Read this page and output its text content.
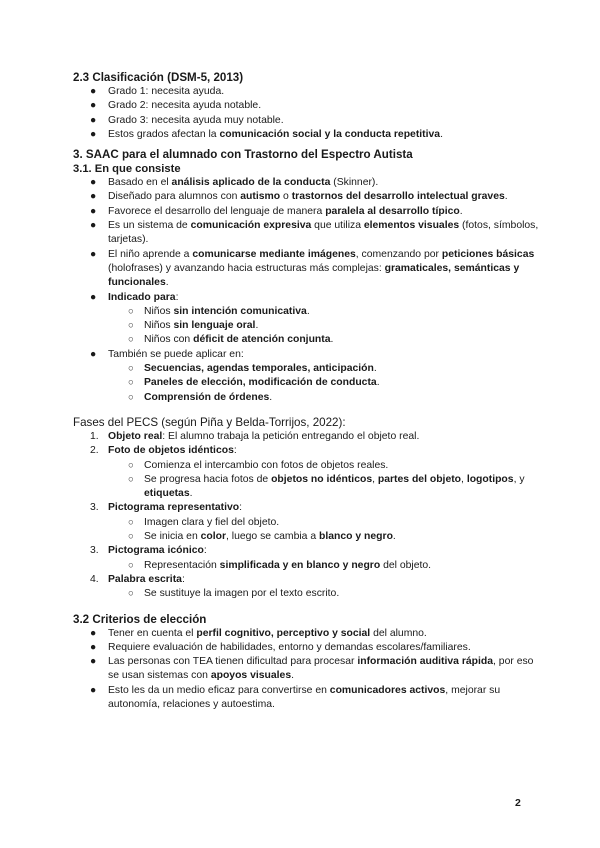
2.3 Clasificación (DSM-5, 2013)
● Grado 1: necesita ayuda.
● Grado 2: necesita ayuda notable.
● Grado 3: necesita ayuda muy notable.
● Estos grados afectan la comunicación social y la conducta repetitiva.
3. SAAC para el alumnado con Trastorno del Espectro Autista
3.1. En que consiste
● Basado en el análisis aplicado de la conducta (Skinner).
● Diseñado para alumnos con autismo o trastornos del desarrollo intelectual graves.
● Favorece el desarrollo del lenguaje de manera paralela al desarrollo típico.
● Es un sistema de comunicación expresiva que utiliza elementos visuales (fotos, símbolos, tarjetas).
● El niño aprende a comunicarse mediante imágenes, comenzando por peticiones básicas (holofrases) y avanzando hacia estructuras más complejas: gramaticales, semánticas y funcionales.
● Indicado para:
○ Niños sin intención comunicativa.
○ Niños sin lenguaje oral.
○ Niños con déficit de atención conjunta.
● También se puede aplicar en:
○ Secuencias, agendas temporales, anticipación.
○ Paneles de elección, modificación de conducta.
○ Comprensión de órdenes.
Fases del PECS (según Piña y Belda-Torrijos, 2022):
1. Objeto real: El alumno trabaja la petición entregando el objeto real.
2. Foto de objetos idénticos:
○ Comienza el intercambio con fotos de objetos reales.
○ Se progresa hacia fotos de objetos no idénticos, partes del objeto, logotipos, y etiquetas.
3. Pictograma representativo:
○ Imagen clara y fiel del objeto.
○ Se inicia en color, luego se cambia a blanco y negro.
3. Pictograma icónico:
○ Representación simplificada y en blanco y negro del objeto.
4. Palabra escrita:
○ Se sustituye la imagen por el texto escrito.
3.2 Criterios de elección
● Tener en cuenta el perfil cognitivo, perceptivo y social del alumno.
● Requiere evaluación de habilidades, entorno y demandas escolares/familiares.
● Las personas con TEA tienen dificultad para procesar información auditiva rápida, por eso se usan sistemas con apoyos visuales.
● Esto les da un medio eficaz para convertirse en comunicadores activos, mejorar su autonomía, relaciones y autoestima.
2
